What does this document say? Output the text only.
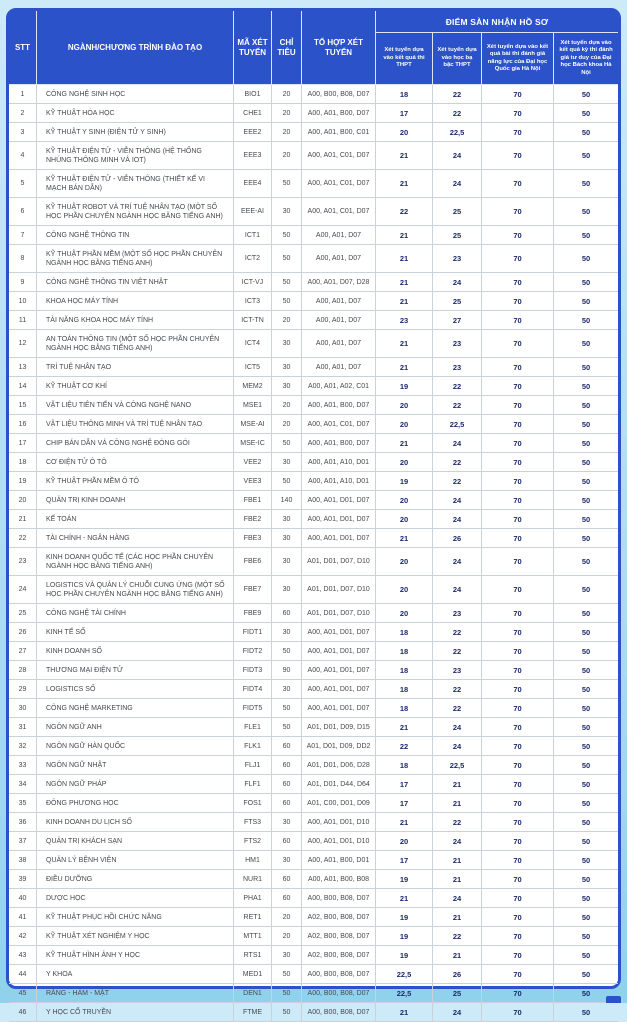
STT	NGÀNH/CHƯƠNG TRÌNH ĐÀO TẠO	MÃ XÉT TUYỂN	CHỈ TIÊU	TỔ HỢP XÉT TUYỂN	ĐIỂM SÀN NHẬN HỒ SƠ			
					Xét tuyển dựa vào kết quả thi THPT	Xét tuyển dựa vào học bạ bậc THPT	Xét tuyển dựa vào kết quả bài thi đánh giá năng lực của Đại học Quốc gia Hà Nội	Xét tuyển dựa vào kết quả kỳ thi đánh giá tư duy của Đại học Bách khoa Hà Nội
1	CÔNG NGHỆ SINH HỌC	BIO1	20	A00, B00, B08, D07	18	22	70	50
2	KỸ THUẬT HÓA HỌC	CHE1	20	A00, A01, B00, D07	17	22	70	50
3	KỸ THUẬT Y SINH (ĐIỆN TỬ Y SINH)	EEE2	20	A00, A01, B00, C01	20	22,5	70	50
4	KỸ THUẬT ĐIỆN TỬ - VIỄN THÔNG (HỆ THỐNG NHÚNG THÔNG MINH VÀ IOT)	EEE3	20	A00, A01, C01, D07	21	24	70	50
5	KỸ THUẬT ĐIỆN TỬ - VIỄN THÔNG (THIẾT KẾ VI MẠCH BÁN DẪN)	EEE4	50	A00, A01, C01, D07	21	24	70	50
6	KỸ THUẬT ROBOT VÀ TRÍ TUỆ NHÂN TẠO (MỘT SỐ HỌC PHẦN CHUYÊN NGÀNH HỌC BẰNG TIẾNG ANH)	EEE-AI	30	A00, A01, C01, D07	22	25	70	50
7	CÔNG NGHỆ THÔNG TIN	ICT1	50	A00, A01, D07	21	25	70	50
8	KỸ THUẬT PHẦN MỀM (MỘT SỐ HỌC PHẦN CHUYÊN NGÀNH HỌC BẰNG TIẾNG ANH)	ICT2	50	A00, A01, D07	21	23	70	50
9	CÔNG NGHỆ THÔNG TIN VIỆT NHẬT	ICT-VJ	50	A00, A01, D07, D28	21	24	70	50
10	KHOA HỌC MÁY TÍNH	ICT3	50	A00, A01, D07	21	25	70	50
11	TÀI NĂNG KHOA HỌC MÁY TÍNH	ICT-TN	20	A00, A01, D07	23	27	70	50
12	AN TOÀN THÔNG TIN (MỘT SỐ HỌC PHẦN CHUYÊN NGÀNH HỌC BẰNG TIẾNG ANH)	ICT4	30	A00, A01, D07	21	23	70	50
13	TRÍ TUỆ NHÂN TẠO	ICT5	30	A00, A01, D07	21	23	70	50
14	KỸ THUẬT CƠ KHÍ	MEM2	30	A00, A01, A02, C01	19	22	70	50
15	VẬT LIỆU TIÊN TIẾN VÀ CÔNG NGHỆ NANO	MSE1	20	A00, A01, B00, D07	20	22	70	50
16	VẬT LIỆU THÔNG MINH VÀ TRÍ TUỆ NHÂN TẠO	MSE-AI	20	A00, A01, C01, D07	20	22,5	70	50
17	CHIP BÁN DẪN VÀ CÔNG NGHỆ ĐÓNG GÓI	MSE-IC	50	A00, A01, B00, D07	21	24	70	50
18	CƠ ĐIỆN TỬ Ô TÔ	VEE2	30	A00, A01, A10, D01	20	22	70	50
19	KỸ THUẬT PHẦN MỀM Ô TÔ	VEE3	50	A00, A01, A10, D01	19	22	70	50
20	QUẢN TRỊ KINH DOANH	FBE1	140	A00, A01, D01, D07	20	24	70	50
21	KẾ TOÁN	FBE2	30	A00, A01, D01, D07	20	24	70	50
22	TÀI CHÍNH - NGÂN HÀNG	FBE3	30	A00, A01, D01, D07	21	26	70	50
23	KINH DOANH QUỐC TẾ (CÁC HỌC PHẦN CHUYÊN NGÀNH HỌC BẰNG TIẾNG ANH)	FBE6	30	A01, D01, D07, D10	20	24	70	50
24	LOGISTICS VÀ QUẢN LÝ CHUỖI CUNG ỨNG (MỘT SỐ HỌC PHẦN CHUYÊN NGÀNH HỌC BẰNG TIẾNG ANH)	FBE7	30	A01, D01, D07, D10	20	24	70	50
25	CÔNG NGHỆ TÀI CHÍNH	FBE9	60	A01, D01, D07, D10	20	23	70	50
26	KINH TẾ SỐ	FIDT1	30	A00, A01, D01, D07	18	22	70	50
27	KINH DOANH SỐ	FIDT2	50	A00, A01, D01, D07	18	22	70	50
28	THƯƠNG MẠI ĐIỆN TỬ	FIDT3	90	A00, A01, D01, D07	18	23	70	50
29	LOGISTICS SỐ	FIDT4	30	A00, A01, D01, D07	18	22	70	50
30	CÔNG NGHỆ MARKETING	FIDT5	50	A00, A01, D01, D07	18	22	70	50
31	NGÔN NGỮ ANH	FLE1	50	A01, D01, D09, D15	21	24	70	50
32	NGÔN NGỮ HÀN QUỐC	FLK1	60	A01, D01, D09, DD2	22	24	70	50
33	NGÔN NGỮ NHẬT	FLJ1	60	A01, D01, D06, D28	18	22,5	70	50
34	NGÔN NGỮ PHÁP	FLF1	60	A01, D01, D44, D64	17	21	70	50
35	ĐÔNG PHƯƠNG HỌC	FOS1	60	A01, C00, D01, D09	17	21	70	50
36	KINH DOANH DU LỊCH SỐ	FTS3	30	A00, A01, D01, D10	21	22	70	50
37	QUẢN TRỊ KHÁCH SẠN	FTS2	60	A00, A01, D01, D10	20	24	70	50
38	QUẢN LÝ BỆNH VIỆN	HM1	30	A00, A01, B00, D01	17	21	70	50
39	ĐIỀU DƯỠNG	NUR1	60	A00, A01, B00, B08	19	21	70	50
40	DƯỢC HỌC	PHA1	60	A00, B00, B08, D07	21	24	70	50
41	KỸ THUẬT PHỤC HỒI CHỨC NĂNG	RET1	20	A02, B00, B08, D07	19	21	70	50
42	KỸ THUẬT XÉT NGHIỆM Y HỌC	MTT1	20	A02, B00, B08, D07	19	22	70	50
43	KỸ THUẬT HÌNH ẢNH Y HỌC	RTS1	30	A02, B00, B08, D07	19	21	70	50
44	Y KHOA	MED1	50	A00, B00, B08, D07	22,5	26	70	50
45	RĂNG - HÀM - MẶT	DEN1	50	A00, B00, B08, D07	22,5	25	70	50
46	Y HỌC CỔ TRUYỀN	FTME	50	A00, B00, B08, D07	21	24	70	50
